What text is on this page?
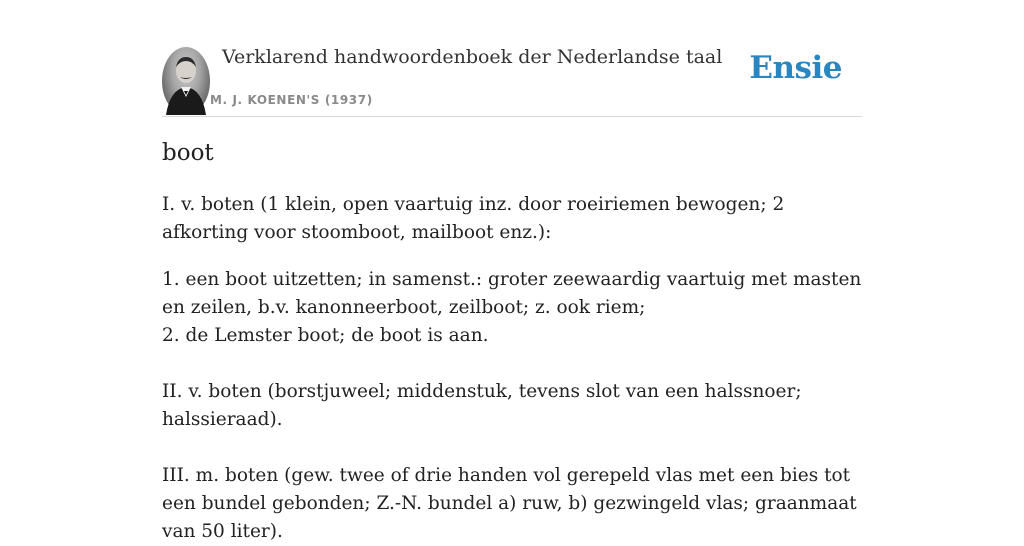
Verklarend handwoordenboek der Nederlandse taal
M. J. KOENEN'S (1937)
Ensie
boot

I. v. boten (1 klein, open vaartuig inz. door roeiriemen bewogen; 2 afkorting voor stoomboot, mailboot enz.):

1. een boot uitzetten; in samenst.: groter zeewaardig vaartuig met masten en zeilen, b.v. kanonneerboot, zeilboot; z. ook riem;

2. de Lemster boot; de boot is aan.

II. v. boten (borstjuweel; middenstuk, tevens slot van een halssnoer; halssieraad).

III. m. boten (gew. twee of drie handen vol gerepeld vlas met een bies tot een bundel gebonden; Z.-N. bundel a) ruw, b) gezwingeld vlas; graanmaat van 50 liter).
